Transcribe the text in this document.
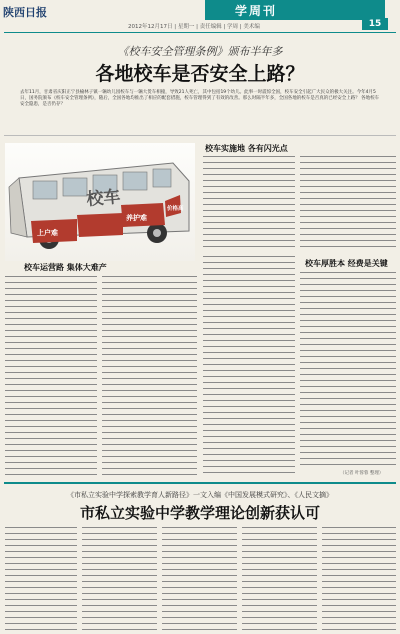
陕西日报	学周刊
2012年12月17日 | 星期一 | 责任编辑 | 学周 | 美术编	15
《校车安全管理条例》颁布半年多
各地校车是否安全上路？
去年11月，甘肃省庆阳正宁县榆林子镇一辆幼儿园校车与一辆大货车相撞，导致21人死亡，其中包括19个幼儿。此事一时震惊全国，校车安全引起广大民众的极大关注。今年4月5日，国务院颁布《校车安全管理条例》，随后，全国各地均推出了相应的配套措施，校车管理得到了有效的改善。那么时隔半年多，全国各地的校车是否真的已经安全上路？ 各地校车安全隐患，是否仍存？
校车
养护难
价格高
上户难
校车实施地 各有闪光点
校车运营路 集体大难产	校车厚胜本 经费是关键
（记者 叶蓉蓉 整理）
《市私立实验中学探索教学育人新路径》一文入编《中国发展模式研究》、《人民文摘》
市私立实验中学教学理论创新获认可
